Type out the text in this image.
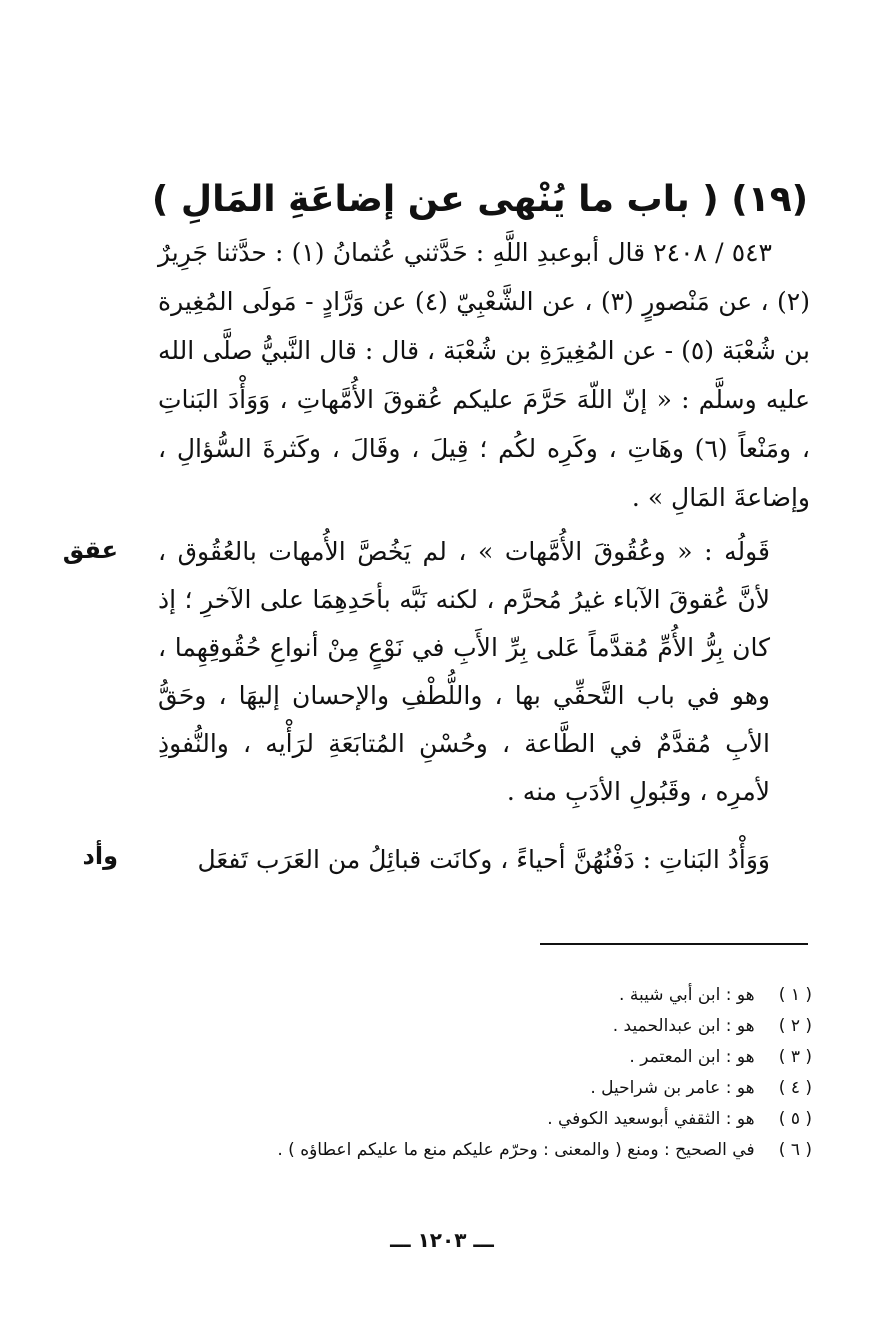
(١٩) ( باب ما يُنْهى عن إضاعَةِ المَالِ )

٥٤٣ / ٢٤٠٨ قال أبوعبدِ اللَّهِ : حَدَّثني عُثمانُ (١) : حدَّثنا جَرِيرٌ (٢) ، عن مَنْصورٍ (٣) ، عن الشَّعْبِيّ (٤) عن وَرَّادٍ - مَولَى المُغِيرة بن شُعْبَة (٥) - عن المُغِيرَةِ بن شُعْبَة ، قال : قال النَّبيُّ صلَّى الله عليه وسلَّم : « إنّ اللّهَ حَرَّمَ عليكم عُقوقَ الأُمَّهاتِ ، وَوَأْدَ البَناتِ ، ومَنْعاً (٦) وهَاتِ ، وكَرِه لكُم ؛ قِيلَ ، وقَالَ ، وكَثرةَ السُّؤالِ ، وإضاعةَ المَالِ » .

عقق قَولُه : « وعُقُوقَ الأُمَّهات » ، لم يَخُصَّ الأُمهات بالعُقُوق ، لأنَّ عُقوقَ الآباء غيرُ مُحرَّم ، لكنه نَبَّه بأحَدِهِمَا على الآخرِ ؛ إذ كان بِرُّ الأُمِّ مُقدَّماً عَلى بِرِّ الأَبِ في نَوْعٍ مِنْ أنواعِ حُقُوقِهِما ، وهو في باب التَّحفِّي بها ، واللُّطْفِ والإحسان إليهَا ، وحَقُّ الأبِ مُقدَّمٌ في الطَّاعة ، وحُسْنِ المُتابَعَةِ لرَأْيه ، والنُّفوذِ لأمرِه ، وقَبُولِ الأدَبِ منه .

وأد	وَوَأْدُ البَناتِ : دَفْنُهُنَّ أحياءً ، وكانَت قبائِلُ من العَرَب تَفعَل

( ١ ) هو : ابن أبي شيبة .
( ٢ ) هو : ابن عبدالحميد .
( ٣ ) هو : ابن المعتمر .
( ٤ ) هو : عامر بن شراحيل .
( ٥ ) هو : الثقفي أبوسعيد الكوفي .
( ٦ ) في الصحيح : ومنع ( والمعنى : وحرّم عليكم منع ما عليكم اعطاؤه ) .
ـــ ١٢٠٣ ـــ
